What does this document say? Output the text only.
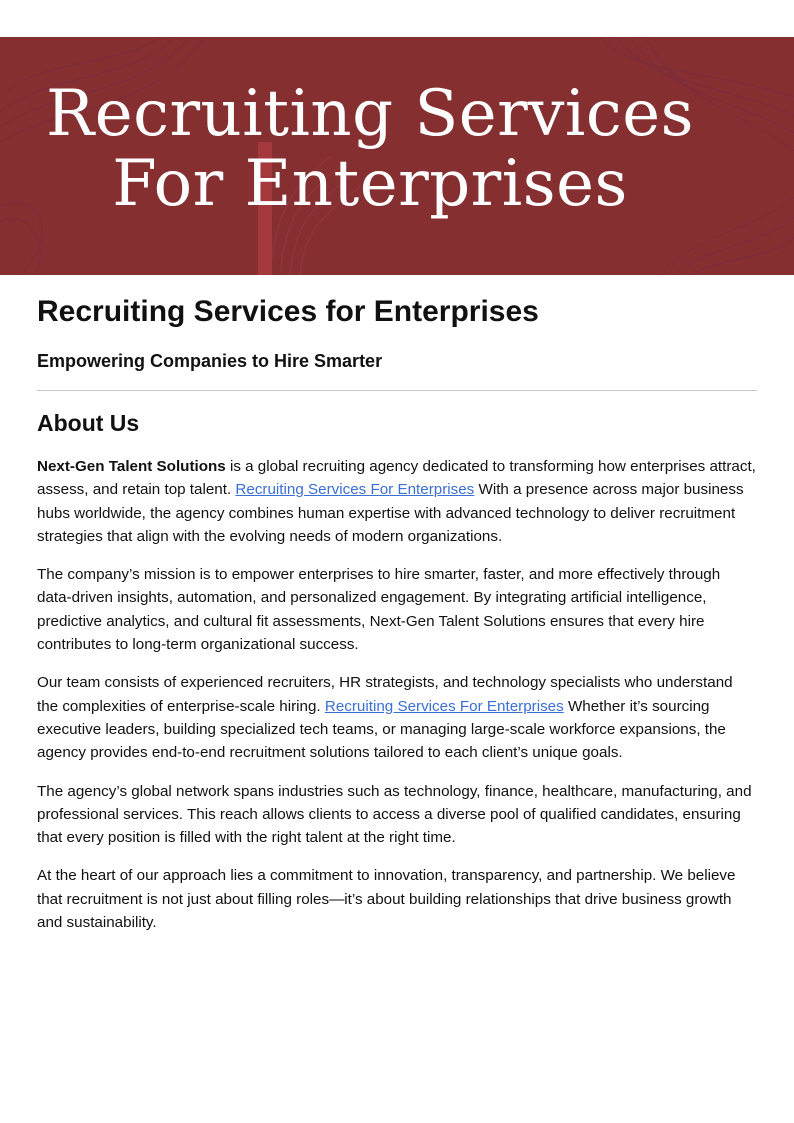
Recruiting Services
For Enterprises
Recruiting Services for Enterprises
Empowering Companies to Hire Smarter
About Us

Next-Gen Talent Solutions is a global recruiting agency dedicated to transforming how enterprises attract, assess, and retain top talent. Recruiting Services For Enterprises With a presence across major business hubs worldwide, the agency combines human expertise with advanced technology to deliver recruitment strategies that align with the evolving needs of modern organizations.

The company’s mission is to empower enterprises to hire smarter, faster, and more effectively through data-driven insights, automation, and personalized engagement. By integrating artificial intelligence, predictive analytics, and cultural fit assessments, Next-Gen Talent Solutions ensures that every hire contributes to long-term organizational success.

Our team consists of experienced recruiters, HR strategists, and technology specialists who understand the complexities of enterprise-scale hiring. Recruiting Services For Enterprises Whether it’s sourcing executive leaders, building specialized tech teams, or managing large-scale workforce expansions, the agency provides end-to-end recruitment solutions tailored to each client’s unique goals.

The agency’s global network spans industries such as technology, finance, healthcare, manufacturing, and professional services. This reach allows clients to access a diverse pool of qualified candidates, ensuring that every position is filled with the right talent at the right time.

At the heart of our approach lies a commitment to innovation, transparency, and partnership. We believe that recruitment is not just about filling roles—it’s about building relationships that drive business growth and sustainability.
